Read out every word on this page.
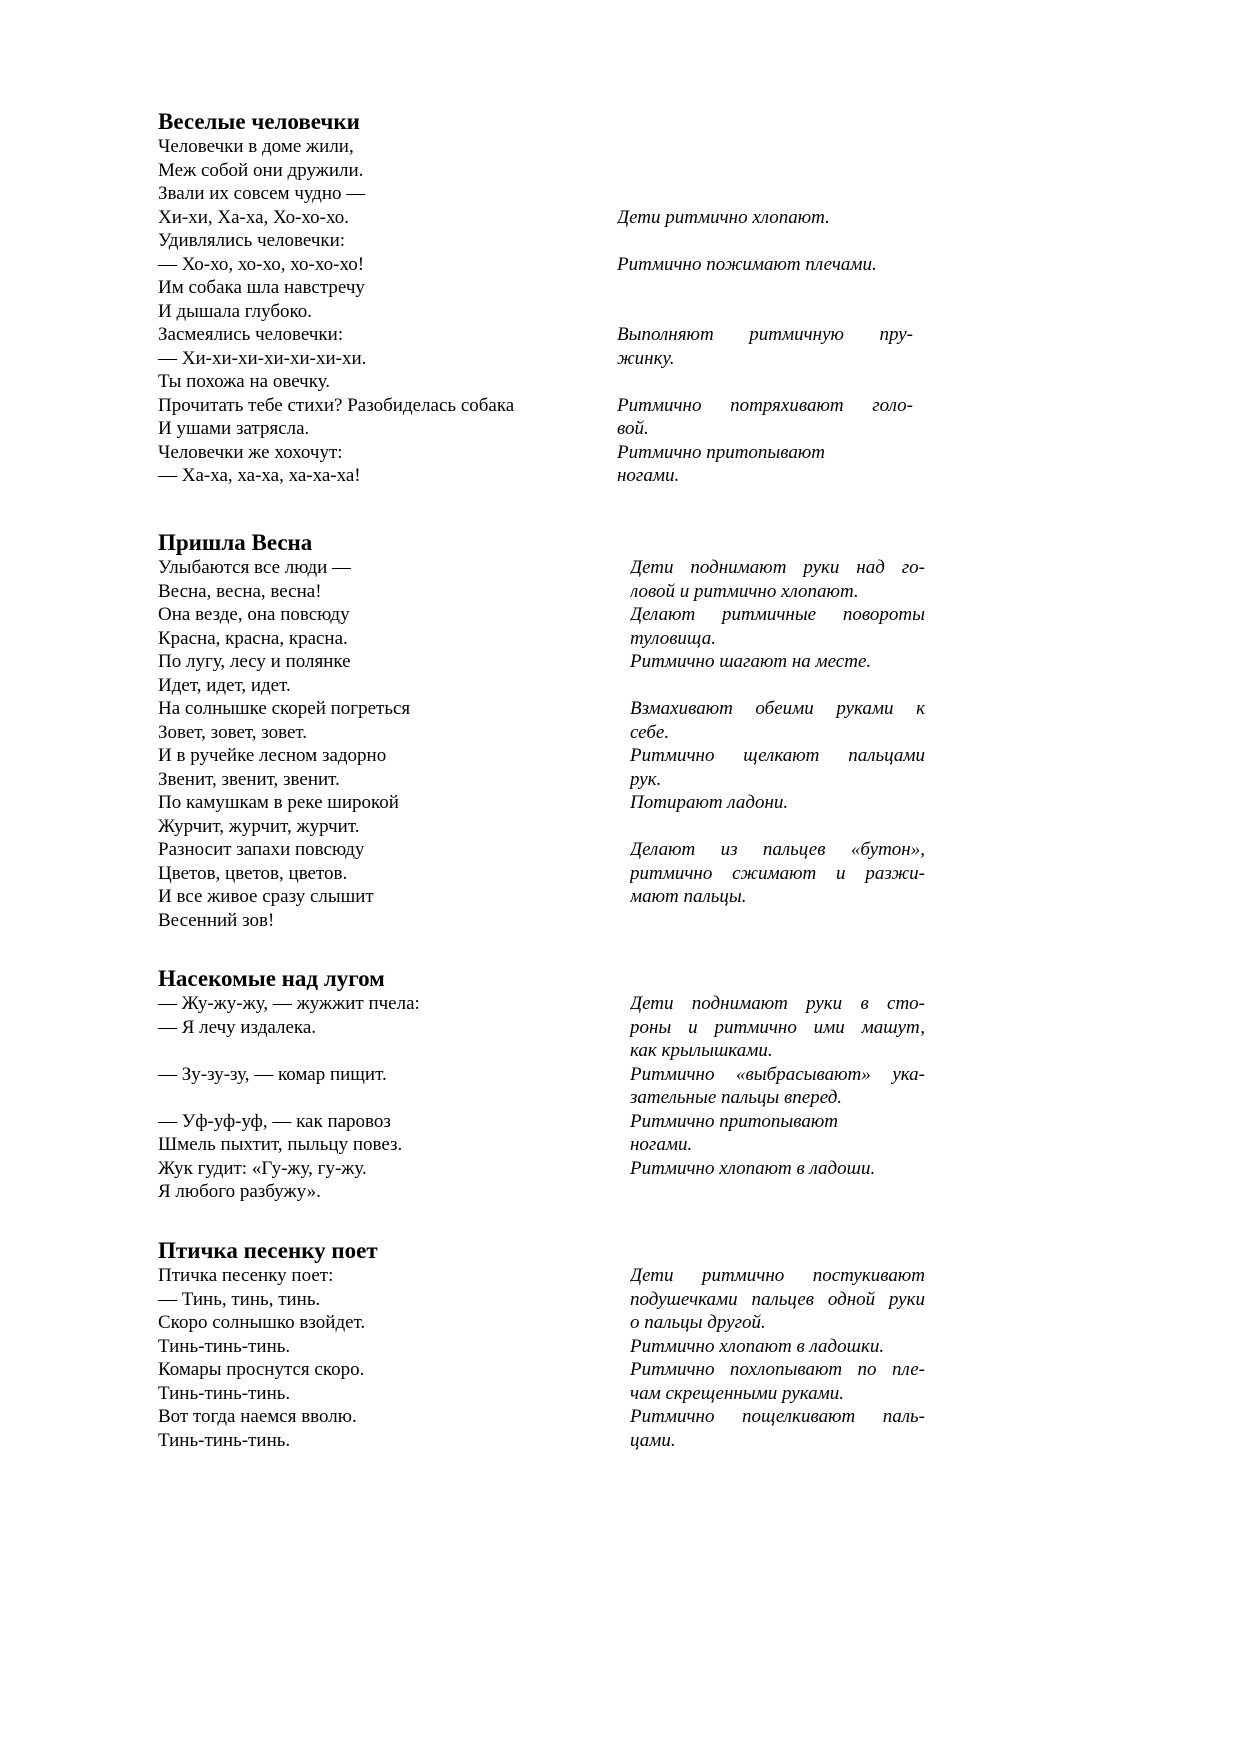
Веселые человечки
Человечки в доме жили,
Меж собой они дружили.
Звали их совсем чудно —
Хи-хи, Ха-ха, Хо-хо-хо.	Дети ритмично хлопают.
Удивлялись человечки:
— Хо-хо, хо-хо, хо-хо-хо!	Ритмично пожимают плечами.
Им собака шла навстречу
И дышала глубоко.
Засмеялись человечки:	Выполняют ритмичную пру-
— Хи-хи-хи-хи-хи-хи-хи.	жинку.
Ты похожа на овечку.
Прочитать тебе стихи? Разобиделась собака	Ритмично потряхивают голо-
И ушами затрясла.	вой.
Человечки же хохочут:	Ритмично притопывают
— Ха-ха, ха-ха, ха-ха-ха!	ногами.
Пришла Весна
Улыбаются все люди —	Дети поднимают руки над го-
Весна, весна, весна!	ловой и ритмично хлопают.
Она везде, она повсюду	Делают ритмичные повороты
Красна, красна, красна.	туловища.
По лугу, лесу и полянке	Ритмично шагают на месте.
Идет, идет, идет.
На солнышке скорей погреться	Взмахивают обеими руками к
Зовет, зовет, зовет.	себе.
И в ручейке лесном задорно	Ритмично щелкают пальцами
Звенит, звенит, звенит.	рук.
По камушкам в реке широкой	Потирают ладони.
Журчит, журчит, журчит.
Разносит запахи повсюду	Делают из пальцев «бутон»,
Цветов, цветов, цветов.	ритмично сжимают и разжи-
И все живое сразу слышит	мают пальцы.
Весенний зов!
Насекомые над лугом
— Жу-жу-жу, — жужжит пчела:	Дети поднимают руки в сто-
— Я лечу издалека.	роны и ритмично ими машут,
как крылышками.
— Зу-зу-зу, — комар пищит.	Ритмично «выбрасывают» ука-
зательные пальцы вперед.
— Уф-уф-уф, — как паровоз	Ритмично притопывают
Шмель пыхтит, пыльцу повез.	ногами.
Жук гудит: «Гу-жу, гу-жу.	Ритмично хлопают в ладоши.
Я любого разбужу».
Птичка песенку поет
Птичка песенку поет:	Дети ритмично постукивают
— Тинь, тинь, тинь.	подушечками пальцев одной руки
Скоро солнышко взойдет.	о пальцы другой.
Тинь-тинь-тинь.	Ритмично хлопают в ладошки.
Комары проснутся скоро.	Ритмично похлопывают по пле-
Тинь-тинь-тинь.	чам скрещенными руками.
Вот тогда наемся вволю.	Ритмично пощелкивают паль-
Тинь-тинь-тинь.	цами.
